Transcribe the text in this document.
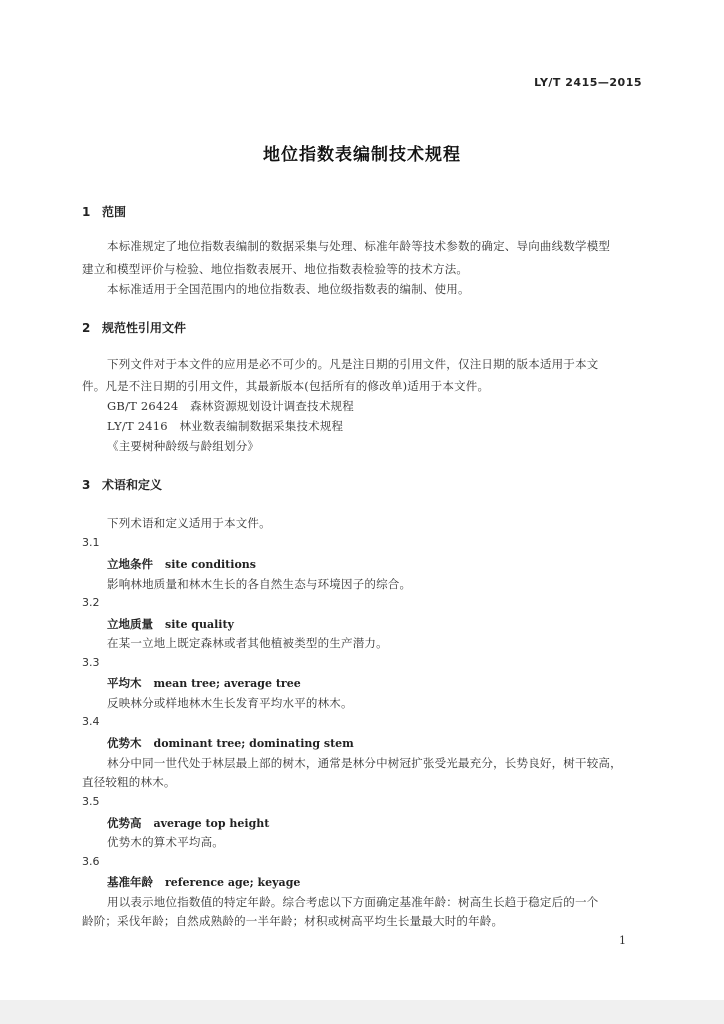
LY/T 2415—2015
地位指数表编制技术规程
1 范围
本标准规定了地位指数表编制的数据采集与处理、标准年龄等技术参数的确定、导向曲线数学模型
建立和模型评价与检验、地位指数表展开、地位指数表检验等的技术方法。
本标准适用于全国范围内的地位指数表、地位级指数表的编制、使用。
2 规范性引用文件
下列文件对于本文件的应用是必不可少的。凡是注日期的引用文件，仅注日期的版本适用于本文
件。凡是不注日期的引用文件，其最新版本(包括所有的修改单)适用于本文件。
GB/T 26424　森林资源规划设计调查技术规程
LY/T 2416　林业数表编制数据采集技术规程
《主要树种龄级与龄组划分》
3 术语和定义
下列术语和定义适用于本文件。
3.1
立地条件 site conditions
影响林地质量和林木生长的各自然生态与环境因子的综合。
3.2
立地质量 site quality
在某一立地上既定森林或者其他植被类型的生产潜力。
3.3
平均木 mean tree; average tree
反映林分或样地林木生长发育平均水平的林木。
3.4
优势木 dominant tree; dominating stem
林分中同一世代处于林层最上部的树木，通常是林分中树冠扩张受光最充分，长势良好，树干较高，
直径较粗的林木。
3.5
优势高 average top height
优势木的算术平均高。
3.6
基准年龄 reference age; keyage
用以表示地位指数值的特定年龄。综合考虑以下方面确定基准年龄：树高生长趋于稳定后的一个
龄阶；采伐年龄；自然成熟龄的一半年龄；材积或树高平均生长量最大时的年龄。
1
